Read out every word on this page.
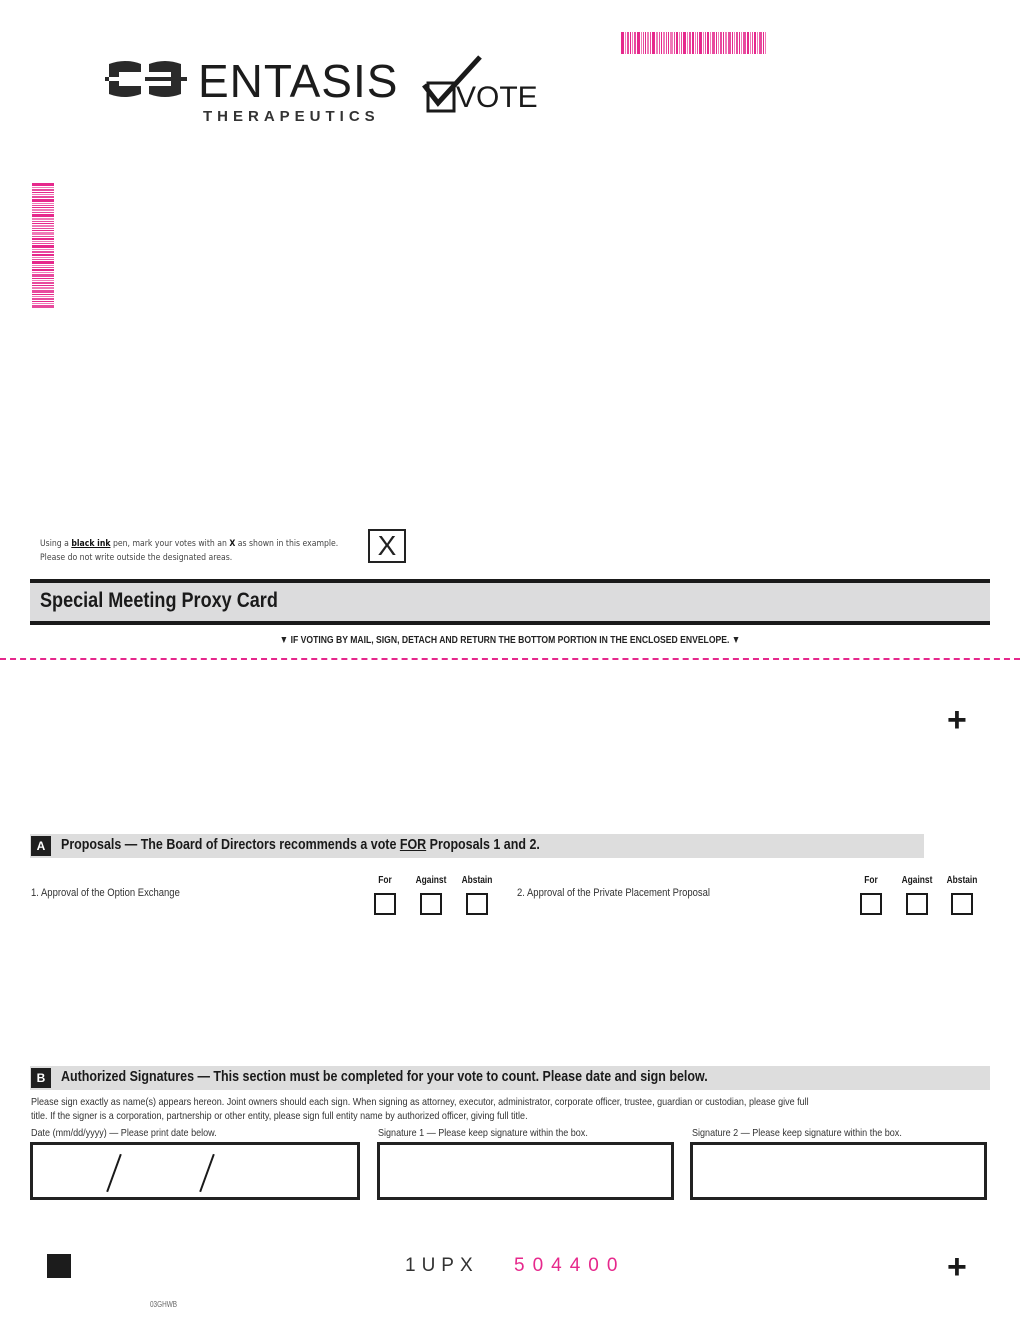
ENTASIS
THERAPEUTICS
VOTE
Using a black ink pen, mark your votes with an X as shown in this example.
Please do not write outside the designated areas.	X
Special Meeting Proxy Card
▼ IF VOTING BY MAIL, SIGN, DETACH AND RETURN THE BOTTOM PORTION IN THE ENCLOSED ENVELOPE. ▼
+
A	Proposals — The Board of Directors recommends a vote FOR Proposals 1 and 2.
1. Approval of the Option Exchange
For	Against	Abstain
2. Approval of the Private Placement Proposal
For	Against	Abstain
B	Authorized Signatures — This section must be completed for your vote to count. Please date and sign below.
Please sign exactly as name(s) appears hereon. Joint owners should each sign. When signing as attorney, executor, administrator, corporate officer, trustee, guardian or custodian, please give full
title. If the signer is a corporation, partnership or other entity, please sign full entity name by authorized officer, giving full title.
Date (mm/dd/yyyy) — Please print date below.	Signature 1 — Please keep signature within the box.	Signature 2 — Please keep signature within the box.
1UPX 504400	+
03GHWB
